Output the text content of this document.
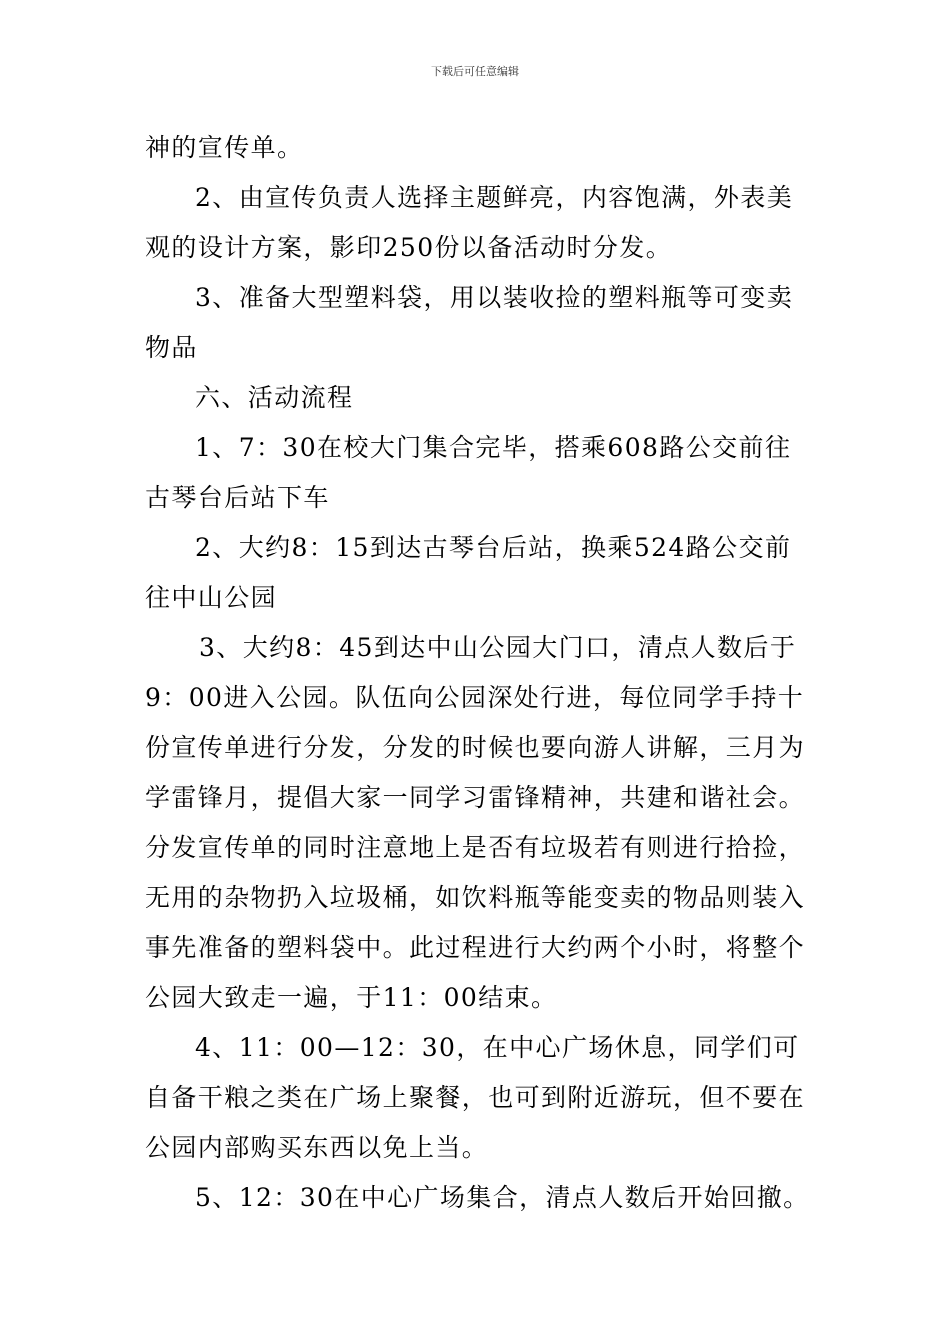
下载后可任意编辑

神的宣传单。

2、由宣传负责人选择主题鲜亮，内容饱满，外表美观的设计方案，影印250份以备活动时分发。

3、准备大型塑料袋，用以装收捡的塑料瓶等可变卖物品

六、活动流程

1、7：30在校大门集合完毕，搭乘608路公交前往古琴台后站下车

2、大约8：15到达古琴台后站，换乘524路公交前往中山公园

3、大约8：45到达中山公园大门口，清点人数后于9：00进入公园。队伍向公园深处行进，每位同学手持十份宣传单进行分发，分发的时候也要向游人讲解，三月为学雷锋月，提倡大家一同学习雷锋精神，共建和谐社会。分发宣传单的同时注意地上是否有垃圾若有则进行拾捡，无用的杂物扔入垃圾桶，如饮料瓶等能变卖的物品则装入事先准备的塑料袋中。此过程进行大约两个小时，将整个公园大致走一遍，于11：00结束。

4、11：00—12：30，在中心广场休息，同学们可自备干粮之类在广场上聚餐，也可到附近游玩，但不要在公园内部购买东西以免上当。

5、12：30在中心广场集合，清点人数后开始回撤。
